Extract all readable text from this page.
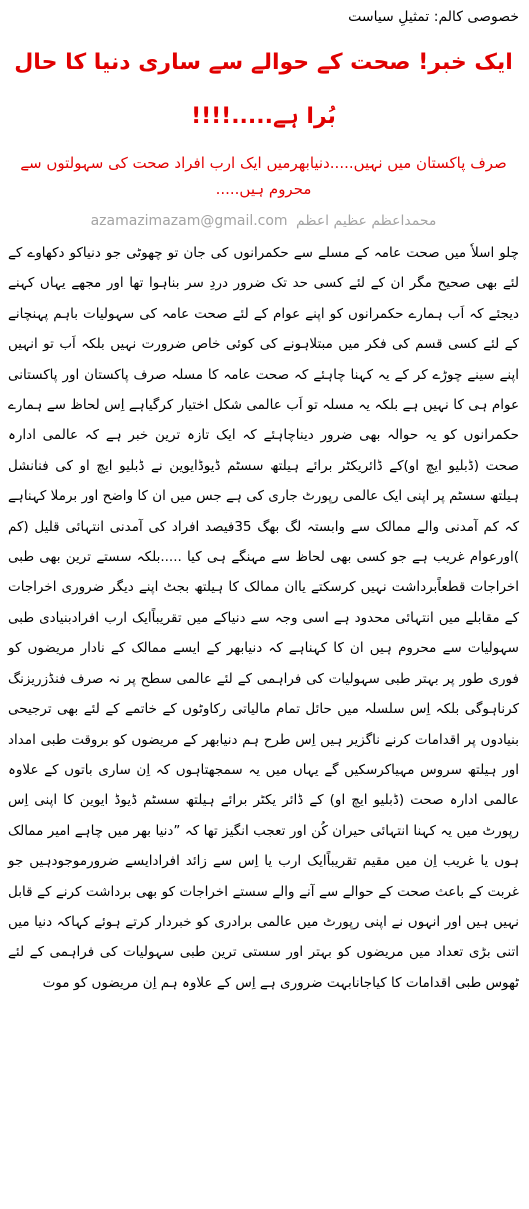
خصوصی کالم: تمثیلِ سیاست

ایک خبر! صحت کے حوالے سے ساری دنیا کا حال
بُرا ہے.....!!!!

صرف پاکستان میں نہیں.....دنیابھرمیں ایک ارب افراد صحت کی سہولتوں سے محروم ہیں.....

azamazimazam@gmail.com محمداعظم عظیم اعظم

چلو اسلاٗ میں صحت عامہ کے مسلے سے حکمرانوں کی جان تو چھوٹی جو دنیاکو دکھاوے کے لئے بھی صحیح مگر ان کے لئے کسی حد تک ضرور دردِ سر بناہوا تھا اور مجھے یہاں کہنے دیجئے کہ اَب ہمارے حکمرانوں کو اپنے عوام کے لئے صحت عامہ کی سہولیات باہم پہنچانے کے لئے کسی قسم کی فکر میں مبتلاہونے کی کوئی خاص ضرورت نہیں بلکہ اَب تو انہیں اپنے سینے چوڑے کر کے یہ کہنا چاہئے کہ صحت عامہ کا مسلہ صرف پاکستان اور پاکستانی عوام ہی کا نہیں ہے بلکہ یہ مسلہ تو اَب عالمی شکل اختیار کرگیاہے اِس لحاظ سے ہمارے حکمرانوں کو یہ حوالہ بھی ضرور دیناچاہئے کہ ایک تازہ ترین خبر ہے کہ عالمی ادارہ صحت (ڈبلیو ایچ او)کے ڈائریکٹر برائے ہیلتھ سسٹم ڈیوڈایوین نے ڈبلیو ایچ او کی فنانشل ہیلتھ سسٹم پر اپنی ایک عالمی رپورٹ جاری کی ہے جس میں ان کا واضح اور برملا کہناہے کہ کم آمدنی والے ممالک سے وابستہ لگ بھگ 35فیصد افراد کی آمدنی انتہائی قلیل (کم )اورعوام غریب ہے جو کسی بھی لحاظ سے مہنگے ہی کیا .....بلکہ سستے ترین بھی طبی اخراجات قطعاًبرداشت نہیں کرسکتے یاان ممالک کا ہیلتھ بجٹ اپنے دیگر ضروری اخراجات کے مقابلے میں انتہائی محدود ہے اسی وجہ سے دنیاکے میں تقریباًایک ارب افرادبنیادی طبی سہولیات سے محروم ہیں ان کا کہناہے کہ دنیابھر کے ایسے ممالک کے نادار مریضوں کو فوری طور پر بہتر طبی سہولیات کی فراہمی کے لئے عالمی سطح پر نہ صرف فنڈزریزنگ کرناہوگی بلکہ اِس سلسلہ میں حائل تمام مالیاتی رکاوٹوں کے خاتمے کے لئے بھی ترجیحی بنیادوں پر اقدامات کرنے ناگزیر ہیں اِس طرح ہم دنیابھر کے مریضوں کو بروقت طبی امداد اور ہیلتھ سروس مہیاکرسکیں گے یہاں میں یہ سمجھتاہوں کہ اِن ساری باتوں کے علاوہ عالمی ادارہ صحت (ڈبلیو ایچ او) کے ڈائر یکٹر برائے ہیلتھ سسٹم ڈیوڈ ایوین کا اپنی اِس رپورٹ میں یہ کہنا انتہائی حیران کُن اور تعجب انگیز تھا کہ ”دنیا بھر میں چاہے امیر ممالک ہوں یا غریب اِن میں مقیم تقریباًایک ارب یا اِس سے زائد افرادایسے ضرورموجودہیں جو غربت کے باعث صحت کے حوالے سے آنے والے سستے اخراجات کو بھی برداشت کرنے کے قابل نہیں ہیں اور انہوں نے اپنی رپورٹ میں عالمی برادری کو خبردار کرتے ہوئے کہاکہ دنیا میں اتنی بڑی تعداد میں مریضوں کو بہتر اور سستی ترین طبی سہولیات کی فراہمی کے لئے ٹھوس طبی اقدامات کا کیاجانابہت ضروری ہے اِس کے علاوہ ہم اِن مریضوں کو موت
